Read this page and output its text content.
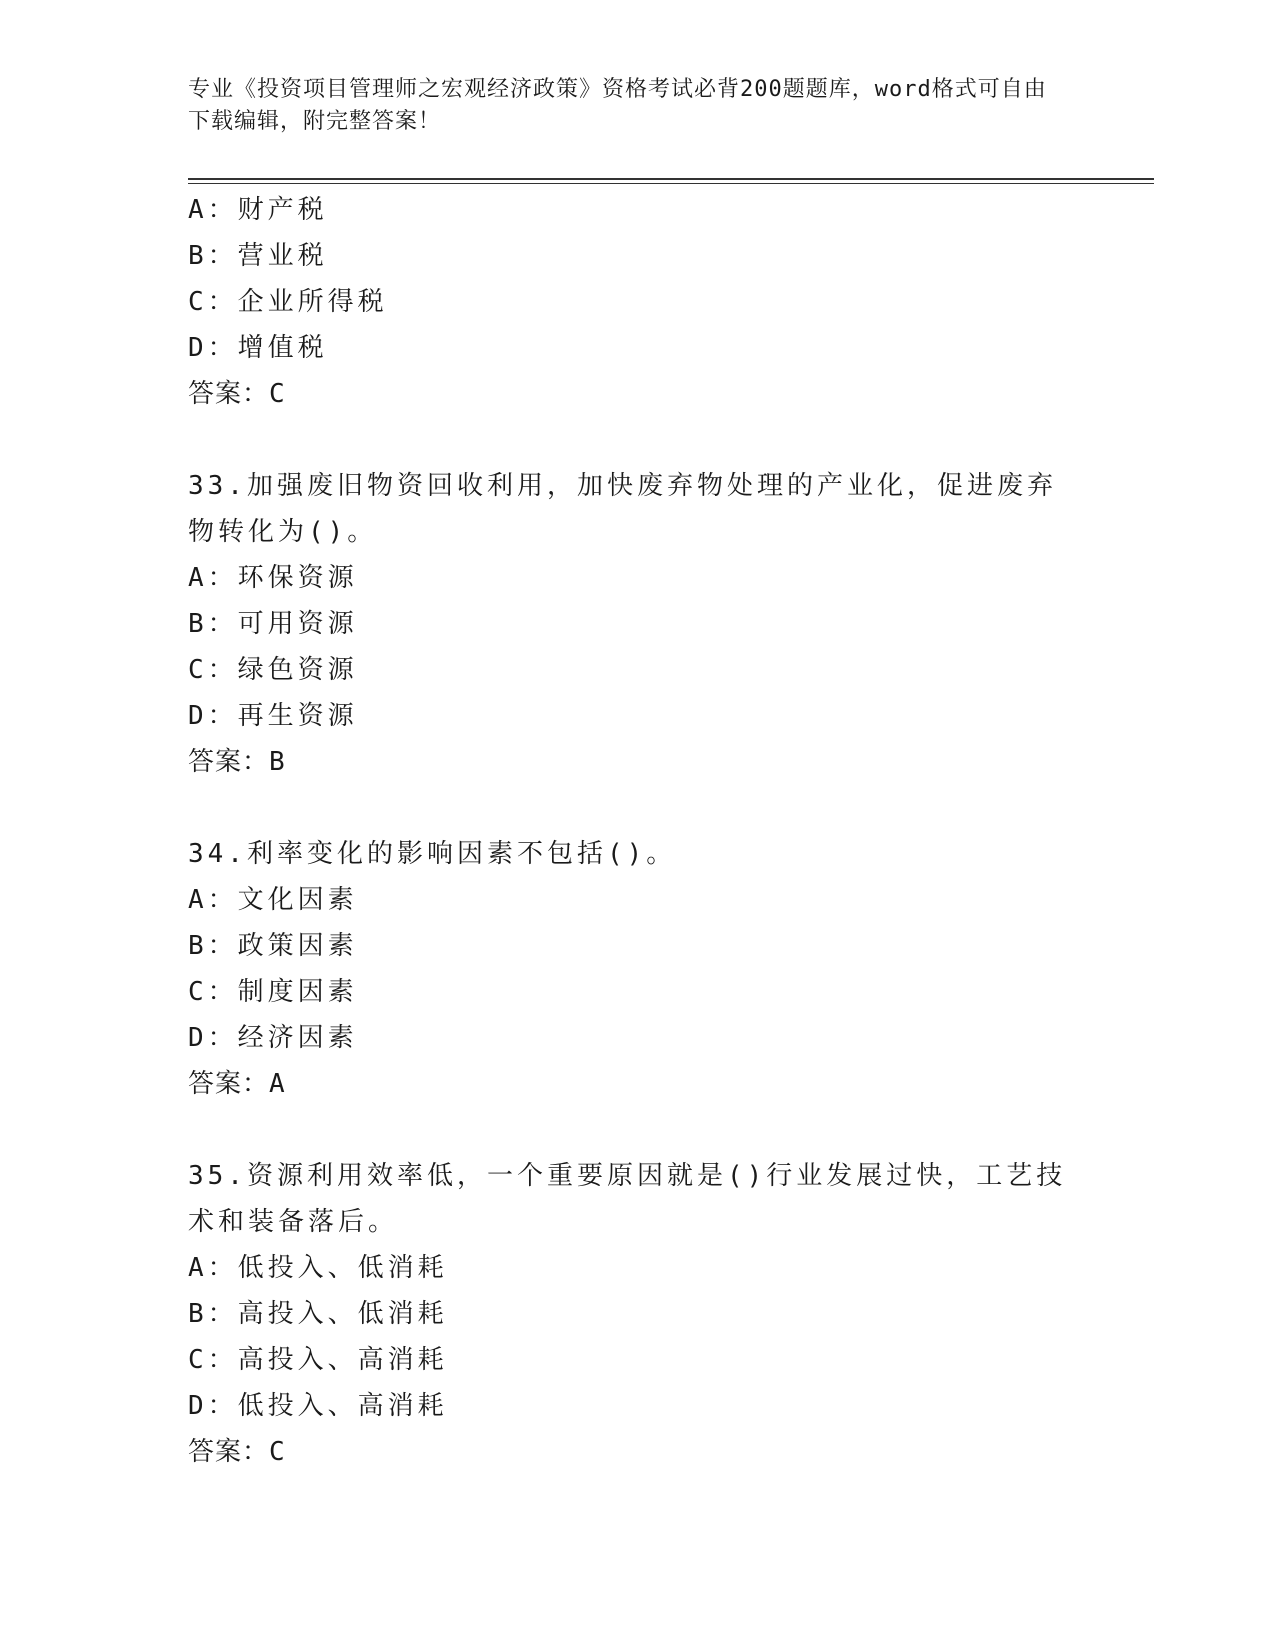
专业《投资项目管理师之宏观经济政策》资格考试必背200题题库，word格式可自由下载编辑，附完整答案！
A：财产税
B：营业税
C：企业所得税
D：增值税
答案：C
33.加强废旧物资回收利用，加快废弃物处理的产业化，促进废弃物转化为()。
A：环保资源
B：可用资源
C：绿色资源
D：再生资源
答案：B
34.利率变化的影响因素不包括()。
A：文化因素
B：政策因素
C：制度因素
D：经济因素
答案：A
35.资源利用效率低，一个重要原因就是()行业发展过快，工艺技术和装备落后。
A：低投入、低消耗
B：高投入、低消耗
C：高投入、高消耗
D：低投入、高消耗
答案：C
